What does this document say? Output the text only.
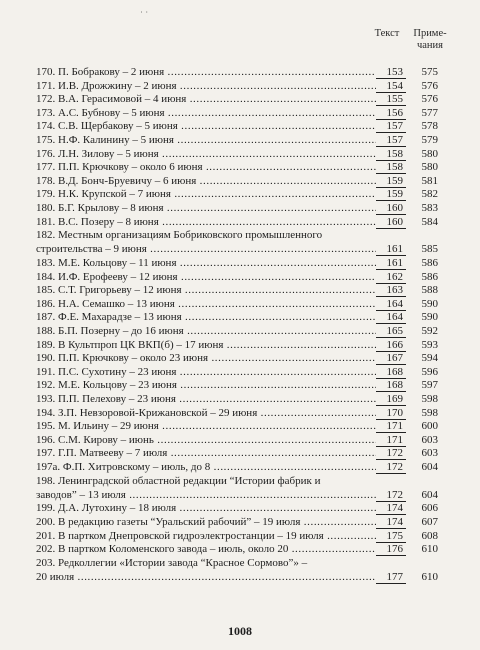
˙ ˙
Текст	Приме-
чания
170. П. Бобракову – 2 июня .....	153	575
171. И.В. Дрожжину – 2 июня .....	154	576
172. В.А. Герасимовой – 4 июня .....	155	576
173. А.С. Бубнову – 5 июня .....	156	577
174. С.В. Щербакову – 5 июня .....	157	578
175. Н.Ф. Калинину – 5 июня .....	157	579
176. Л.Н. Зилову – 5 июня .....	158	580
177. П.П. Крючкову – около 6 июня .....	158	580
178. В.Д. Бонч-Бруевичу – 6 июня .....	159	581
179. Н.К. Крупской – 7 июня .....	159	582
180. Б.Г. Крылову – 8 июня .....	160	583
181. В.С. Позеру – 8 июня .....	160	584
182. Местным организациям Бобриковского промышленного
строительства – 9 июня .....	161	585
183. М.Е. Кольцову – 11 июня .....	161	586
184. И.Ф. Ерофееву – 12 июня .....	162	586
185. С.Т. Григорьеву – 12 июня .....	163	588
186. Н.А. Семашко – 13 июня .....	164	590
187. Ф.Е. Махарадзе – 13 июня .....	164	590
188. Б.П. Позерну – до 16 июня .....	165	592
189. В Культпроп ЦК ВКП(б) – 17 июня .....	166	593
190. П.П. Крючкову – около 23 июня .....	167	594
191. П.С. Сухотину – 23 июня .....	168	596
192. М.Е. Кольцову – 23 июня .....	168	597
193. П.П. Пелехову – 23 июня .....	169	598
194. З.П. Невзоровой-Крижановской – 29 июня .....	170	598
195. М. Ильину – 29 июня .....	171	600
196. С.М. Кирову – июнь .....	171	603
197. Г.П. Матвееву – 7 июля .....	172	603
197а. Ф.П. Хитровскому – июль, до 8 .....	172	604
198. Ленинградской областной редакции “Истории фабрик и
заводов” – 13 июля .....	172	604
199. Д.А. Лутохину – 18 июля .....	174	606
200. В редакцию газеты “Уральский рабочий” – 19 июля .....	174	607
201. В партком Днепровской гидроэлектростанции – 19 июля .....	175	608
202. В партком Коломенского завода – июль, около 20 .....	176	610
203. Редколлегии «Истории завода “Красное Сормово”» –
20 июля .....	177	610
1008
